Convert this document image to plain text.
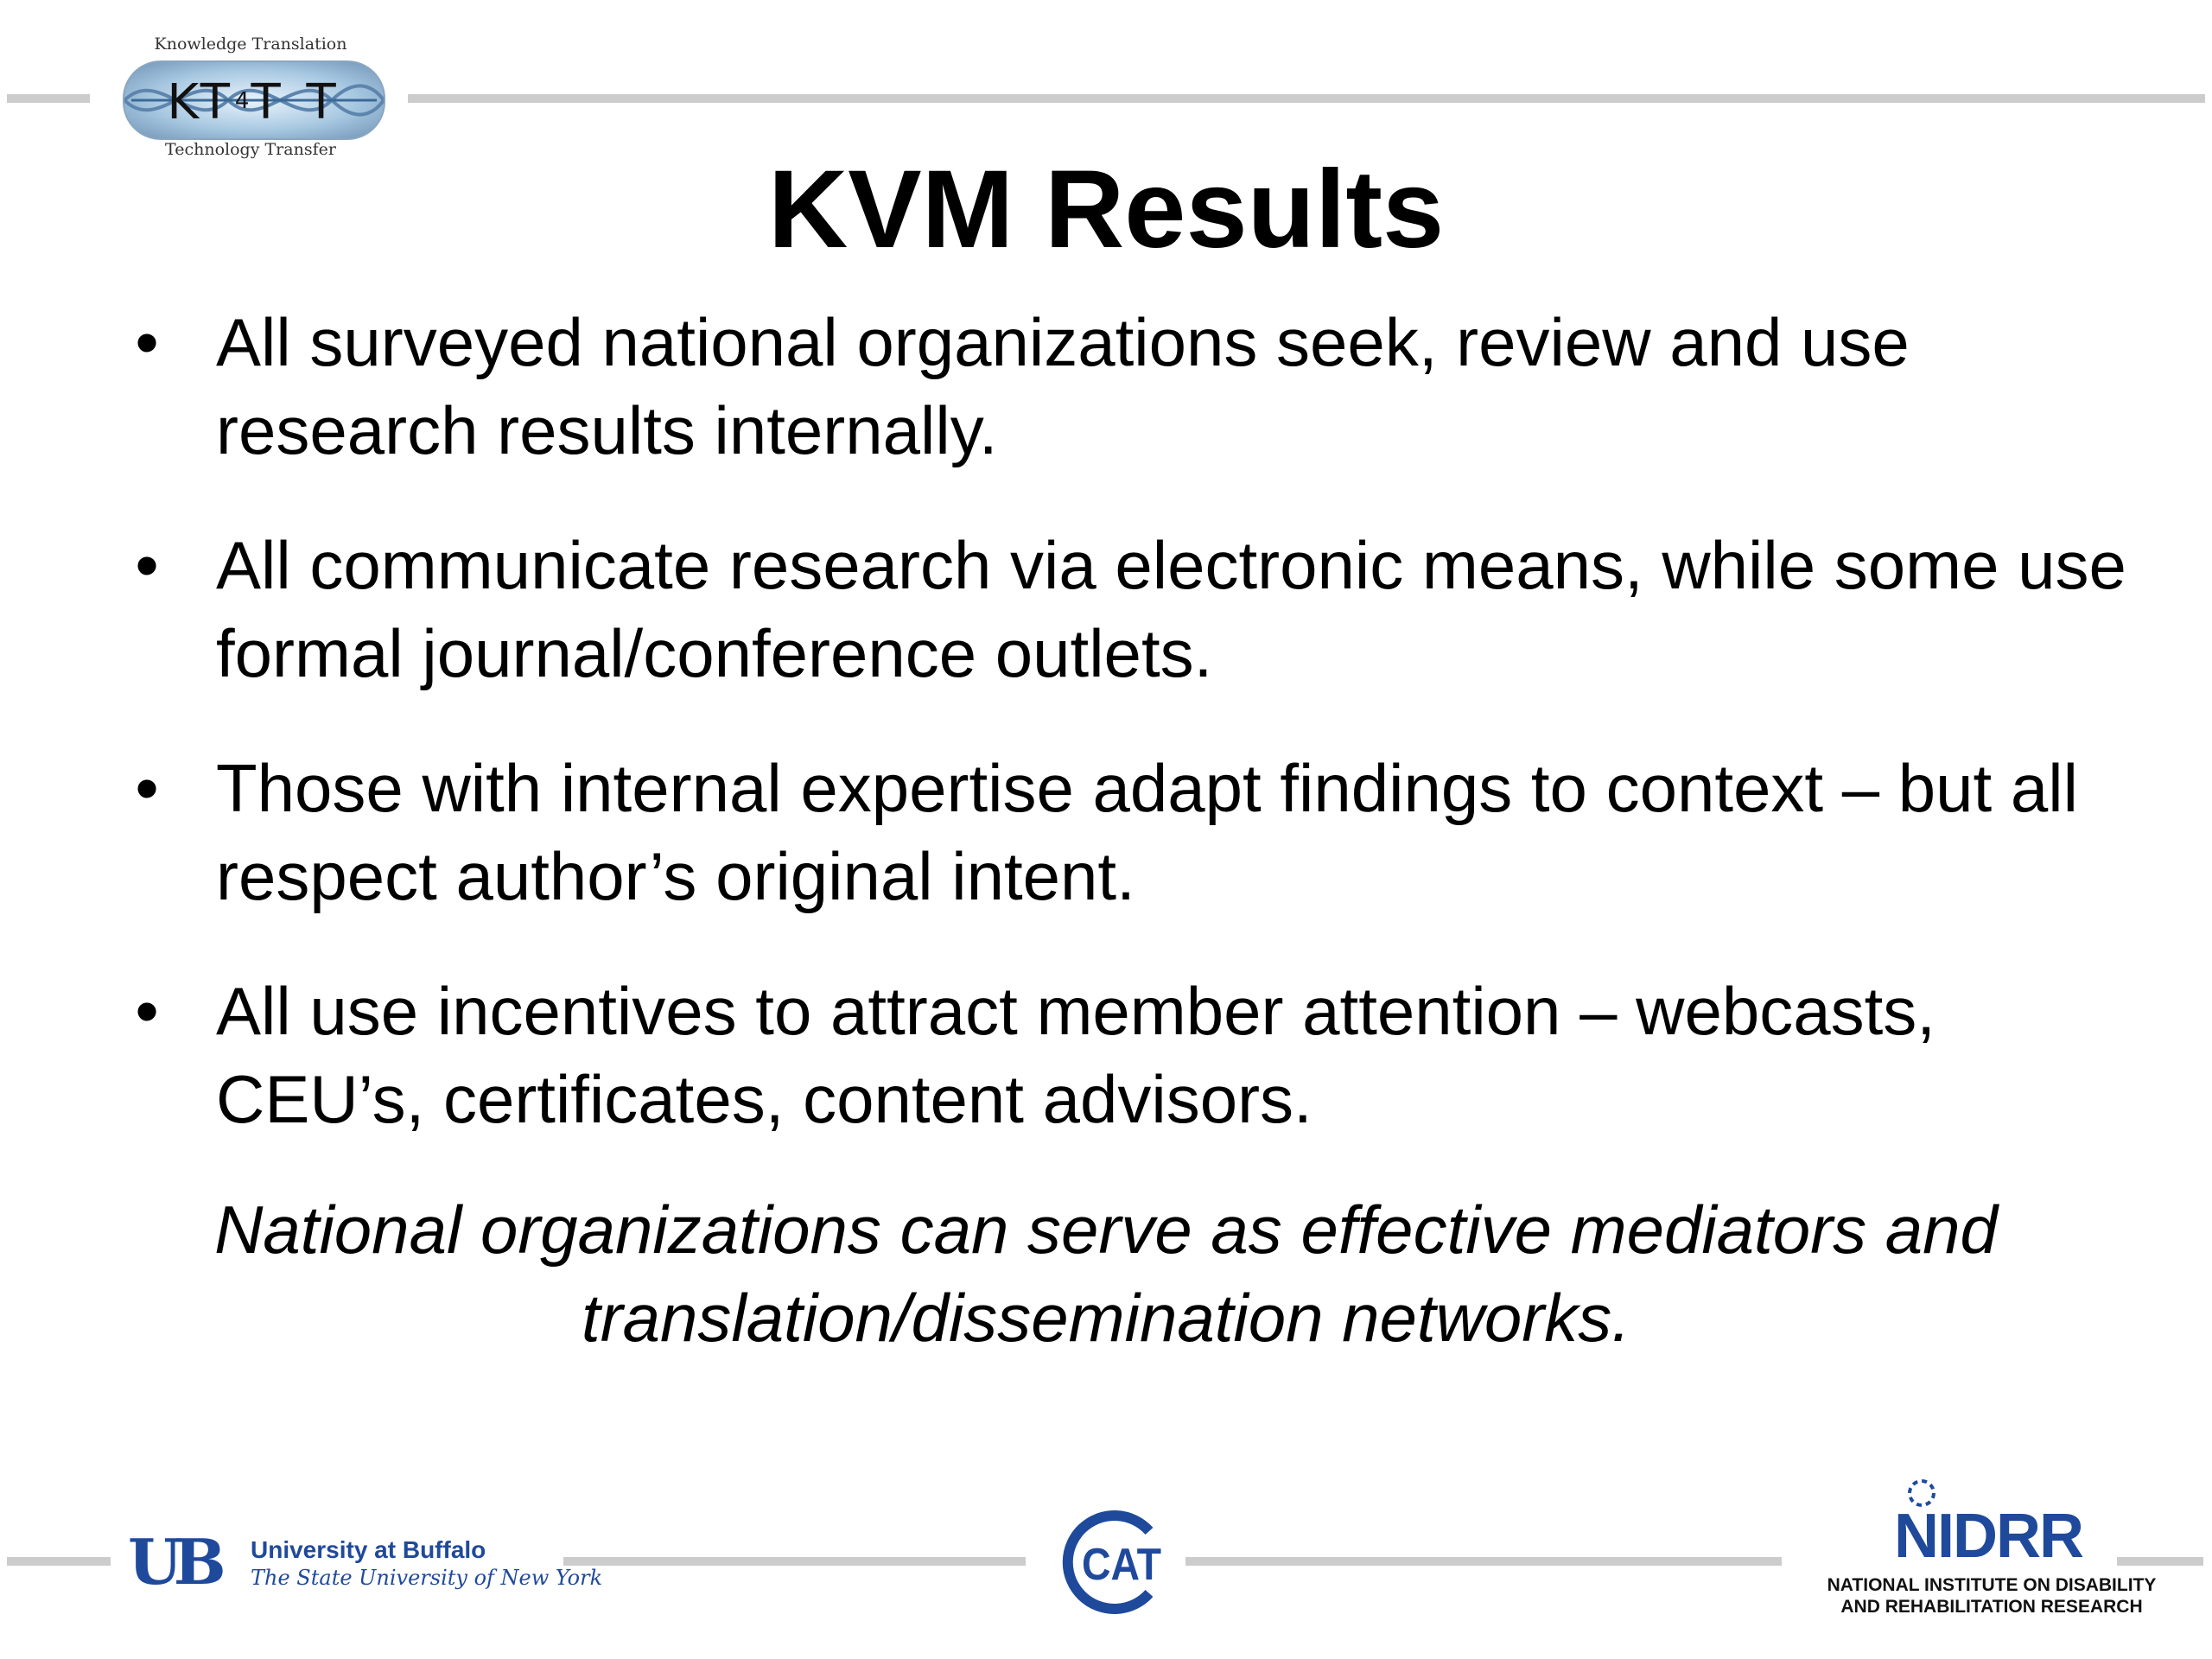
Knowledge Translation
$KT^4T$ T
Technology Transfer	KVM Results
• All surveyed national organizations seek, review and use research results internally.
• All communicate research via electronic means, while some use formal journal/conference outlets.
• Those with internal expertise adapt findings to context – but all respect author’s original intent.
• All use incentives to attract member attention – webcasts, CEU’s, certificates, content advisors.
National organizations can serve as effective mediators and
translation/dissemination networks.
UB University at Buffalo
The State University of New York	CAT	NIDRR
NATIONAL INSTITUTE ON DISABILITY
AND REHABILITATION RESEARCH
